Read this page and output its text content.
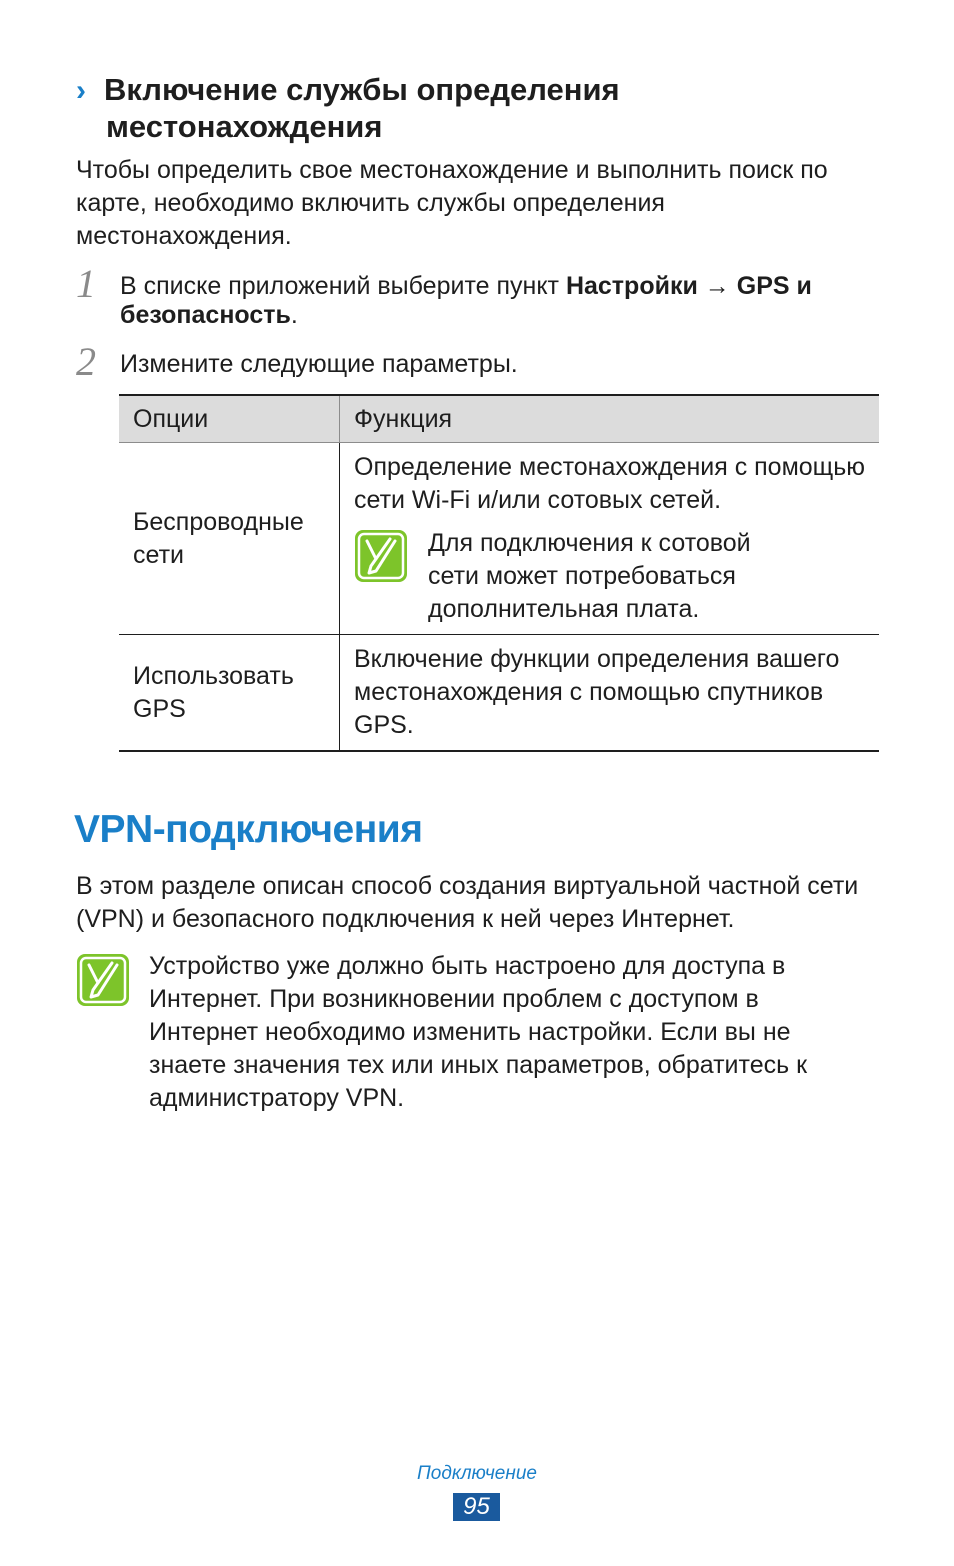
› Включение службы определения
местонахождения
Чтобы определить свое местонахождение и выполнить поиск по карте, необходимо включить службы определения местонахождения.
1 В списке приложений выберите пункт Настройки → GPS и безопасность.
2 Измените следующие параметры.
Опции	Функция
Беспроводные сети	Определение местонахождения с помощью сети Wi-Fi и/или сотовых сетей.
Для подключения к сотовой сети может потребоваться дополнительная плата.

Использовать GPS	Включение функции определения вашего местонахождения с помощью спутников GPS.
VPN-подключения
В этом разделе описан способ создания виртуальной частной сети (VPN) и безопасного подключения к ней через Интернет.
Устройство уже должно быть настроено для доступа в Интернет. При возникновении проблем с доступом в Интернет необходимо изменить настройки. Если вы не знаете значения тех или иных параметров, обратитесь к администратору VPN.
Подключение
95
